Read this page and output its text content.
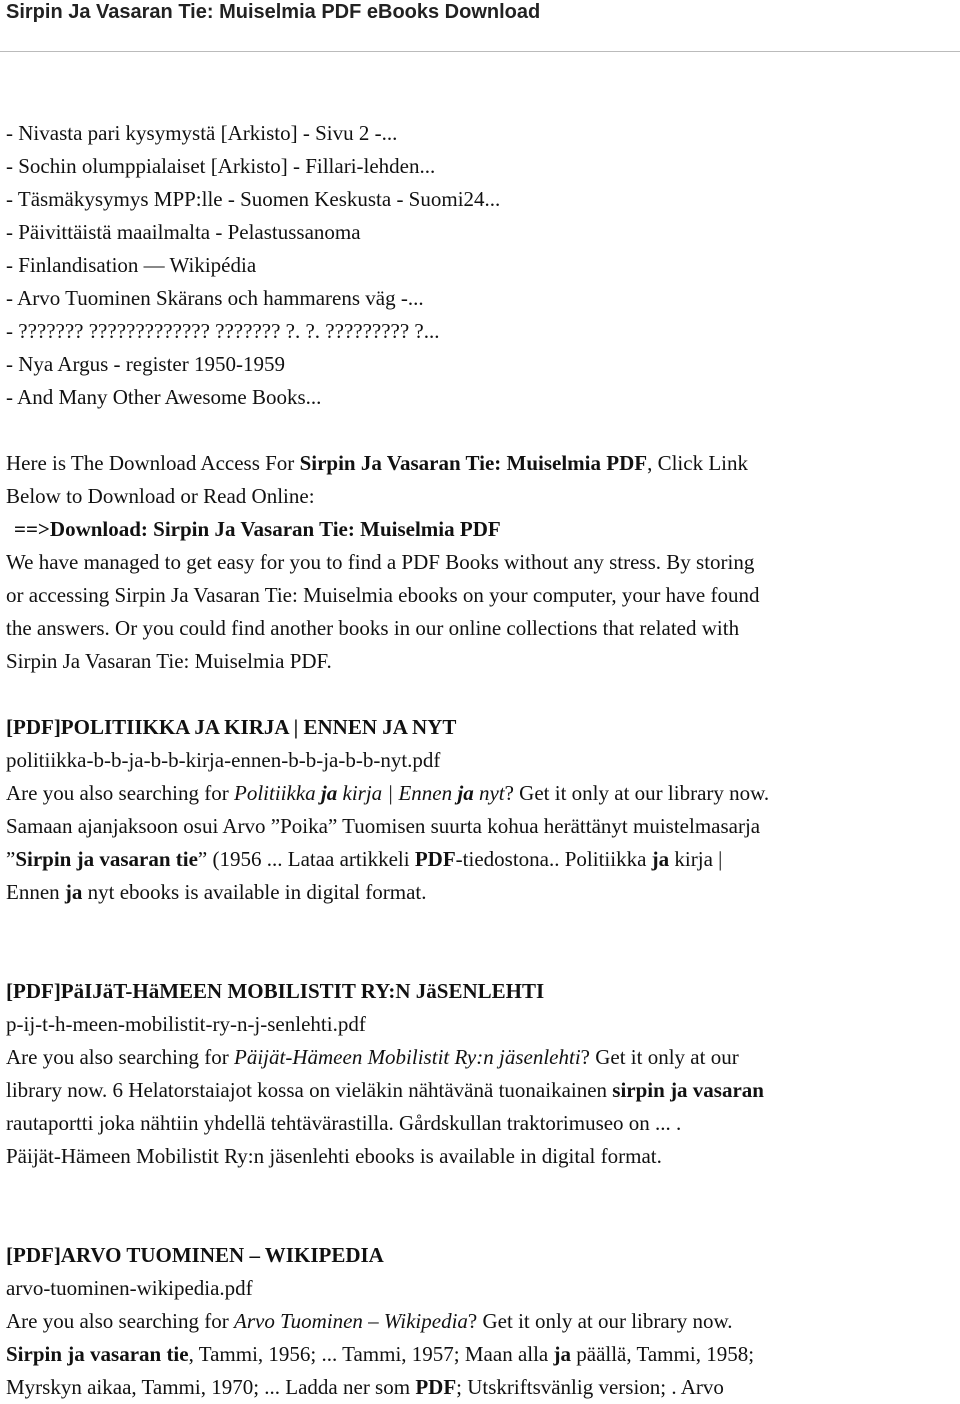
Sirpin Ja Vasaran Tie: Muiselmia PDF eBooks Download
- Nivasta pari kysymystä [Arkisto] - Sivu 2 -...
- Sochin olumppialaiset [Arkisto] - Fillari-lehden...
- Täsmäkysymys MPP:lle - Suomen Keskusta - Suomi24...
- Päivittäistä maailmalta - Pelastussanoma
- Finlandisation — Wikipédia
- Arvo Tuominen Skärans och hammarens väg -...
- ??????? ????????????? ??????? ?. ?. ????????? ?...
- Nya Argus - register 1950-1959
- And Many Other Awesome Books...
Here is The Download Access For Sirpin Ja Vasaran Tie: Muiselmia PDF, Click Link
Below to Download or Read Online:
==>Download: Sirpin Ja Vasaran Tie: Muiselmia PDF
We have managed to get easy for you to find a PDF Books without any stress. By storing
or accessing Sirpin Ja Vasaran Tie: Muiselmia ebooks on your computer, your have found
the answers. Or you could find another books in our online collections that related with
Sirpin Ja Vasaran Tie: Muiselmia PDF.
[PDF]POLITIIKKA JA KIRJA | ENNEN JA NYT
politiikka-b-b-ja-b-b-kirja-ennen-b-b-ja-b-b-nyt.pdf
Are you also searching for Politiikka ja kirja | Ennen ja nyt? Get it only at our library now.
Samaan ajanjaksoon osui Arvo ”Poika” Tuomisen suurta kohua herättänyt muistelmasarja
”Sirpin ja vasaran tie” (1956 ... Lataa artikkeli PDF-tiedostona.. Politiikka ja kirja |
Ennen ja nyt ebooks is available in digital format.
[PDF]PäIJäT-HäMEEN MOBILISTIT RY:N JäSENLEHTI
p-ij-t-h-meen-mobilistit-ry-n-j-senlehti.pdf
Are you also searching for Päijät-Hämeen Mobilistit Ry:n jäsenlehti? Get it only at our
library now. 6 Helatorstaiajot kossa on vieläkin nähtävänä tuonaikainen sirpin ja vasaran
rautaportti joka nähtiin yhdellä tehtävärastilla. Gårdskullan traktorimuseo on ... .
Päijät-Hämeen Mobilistit Ry:n jäsenlehti ebooks is available in digital format.
[PDF]ARVO TUOMINEN – WIKIPEDIA
arvo-tuominen-wikipedia.pdf
Are you also searching for Arvo Tuominen – Wikipedia? Get it only at our library now.
Sirpin ja vasaran tie, Tammi, 1956; ... Tammi, 1957; Maan alla ja päällä, Tammi, 1958;
Myrskyn aikaa, Tammi, 1970; ... Ladda ner som PDF; Utskriftsvänlig version; . Arvo
